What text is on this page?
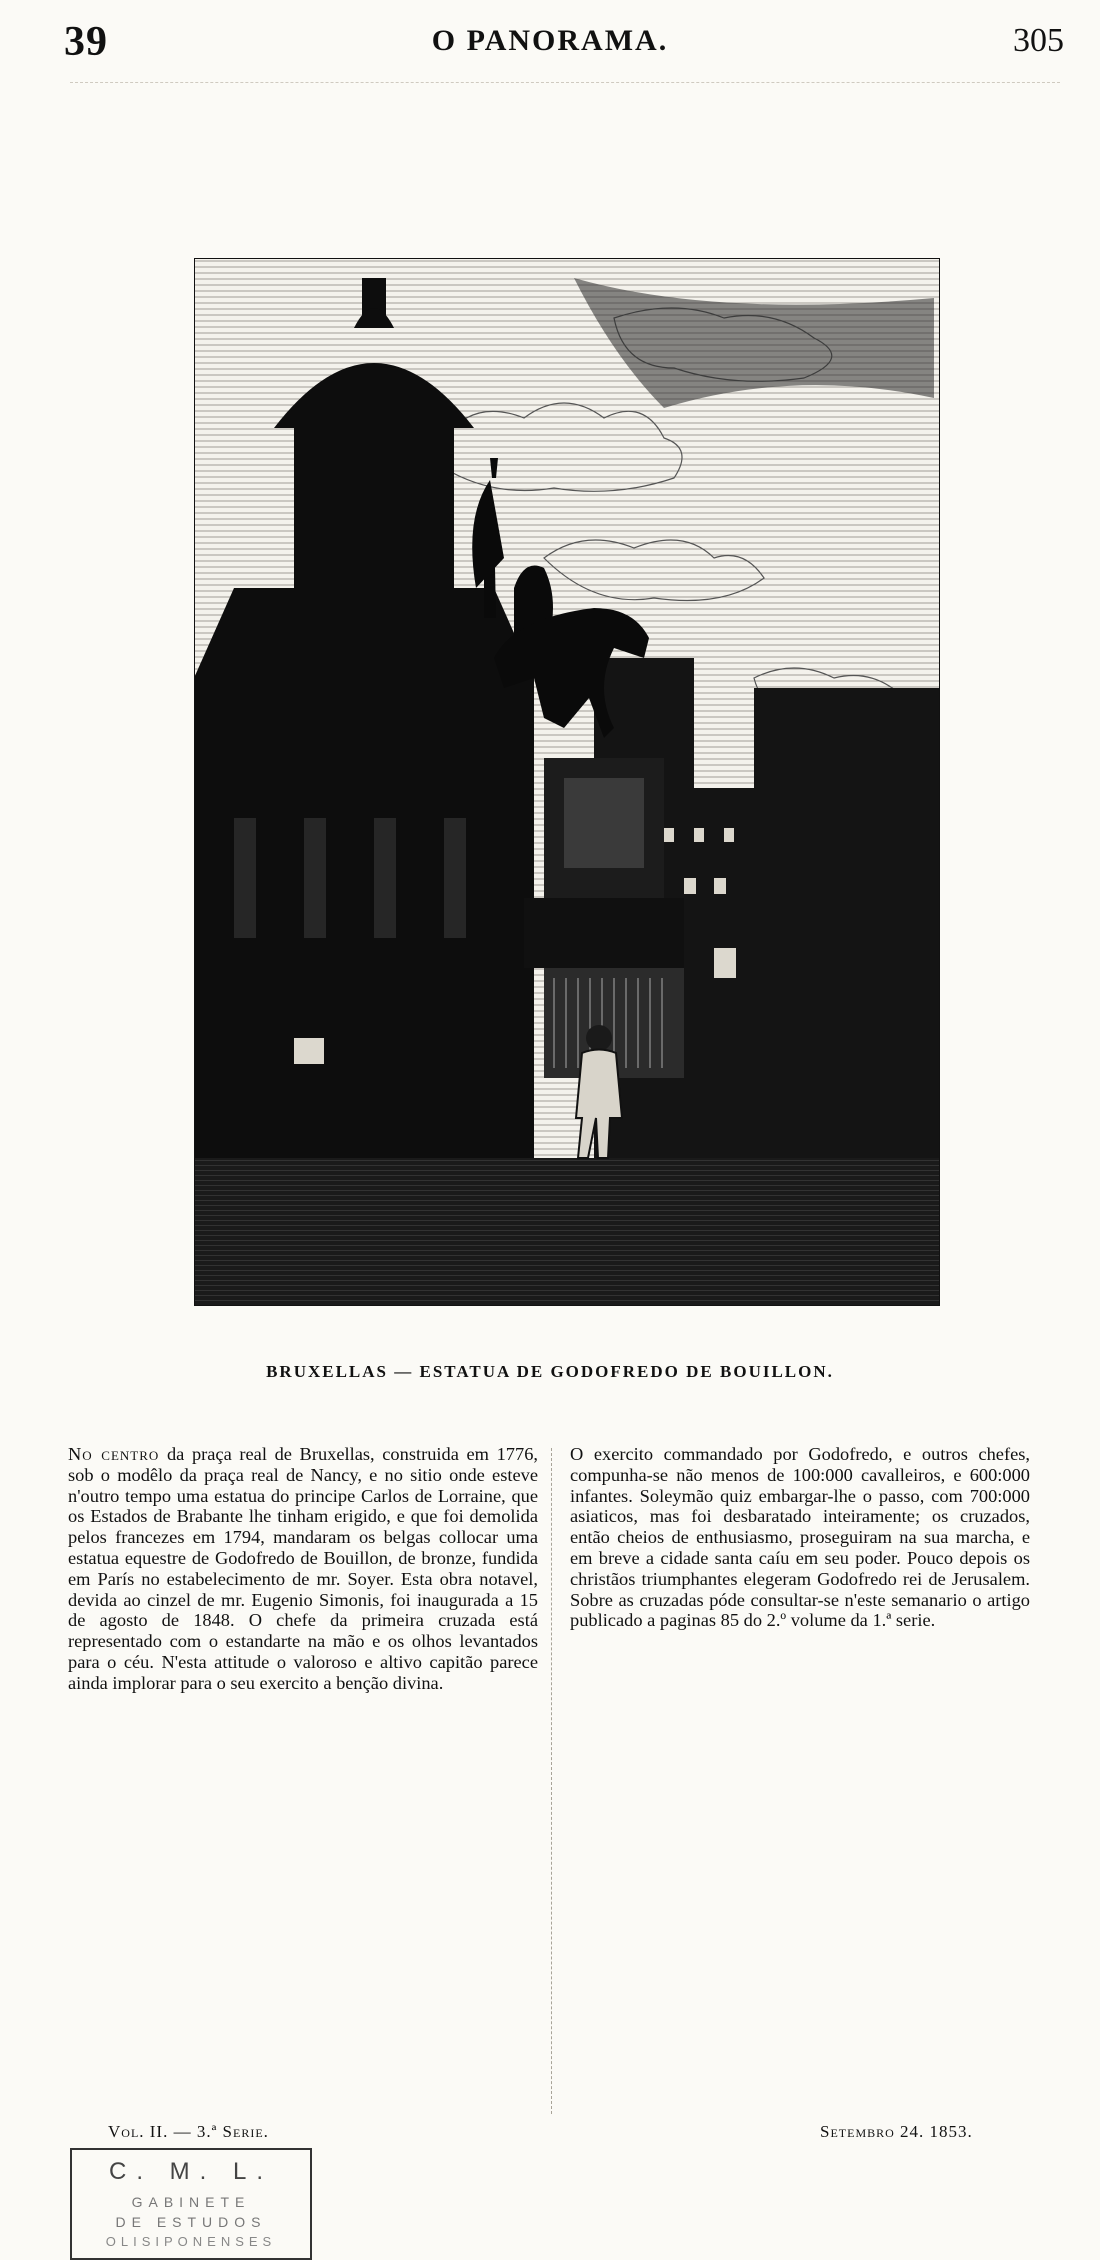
39	O PANORAMA.	305
BRUXELLAS — ESTATUA DE GODOFREDO DE BOUILLON.

No centro da praça real de Bruxellas, construida em 1776, sob o modêlo da praça real de Nancy, e no sitio onde esteve n'outro tempo uma estatua do principe Carlos de Lorraine, que os Estados de Brabante lhe tinham erigido, e que foi demolida pelos francezes em 1794, mandaram os belgas collocar uma estatua equestre de Godofredo de Bouillon, de bronze, fundida em París no estabelecimento de mr. Soyer. Esta obra notavel, devida ao cinzel de mr. Eugenio Simonis, foi inaugurada a 15 de agosto de 1848. O chefe da primeira cruzada está representado com o estandarte na mão e os olhos levantados para o céu. N'esta attitude o valoroso e altivo capitão parece ainda implorar para o seu exercito a benção divina.

O exercito commandado por Godofredo, e outros chefes, compunha-se não menos de 100:000 cavalleiros, e 600:000 infantes. Soleymão quiz embargar-lhe o passo, com 700:000 asiaticos, mas foi desbaratado inteiramente; os cruzados, então cheios de enthusiasmo, proseguiram na sua marcha, e em breve a cidade santa caíu em seu poder. Pouco depois os christãos triumphantes elegeram Godofredo rei de Jerusalem. Sobre as cruzadas póde consultar-se n'este semanario o artigo publicado a paginas 85 do 2.º volume da 1.ª serie.

Vol. II. — 3.ª Serie.	Setembro 24. 1853.
C. M. L.
GABINETE
DE ESTUDOS
OLISIPONENSES
